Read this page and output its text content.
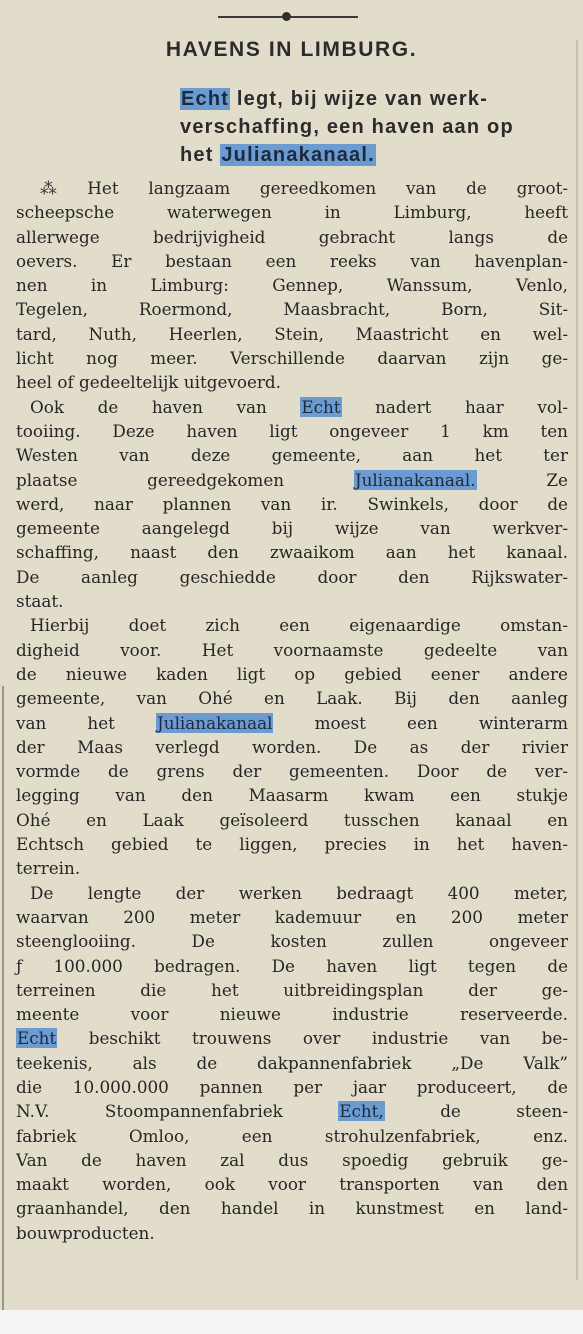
HAVENS IN LIMBURG.
Echt legt, bij wijze van werk-
verschaffing, een haven aan op
het Julianakanaal.
⁂ Het langzaam gereedkomen van de groot-
scheepsche waterwegen in Limburg, heeft
allerwege bedrijvigheid gebracht langs de
oevers. Er bestaan een reeks van havenplan-
nen in Limburg: Gennep, Wanssum, Venlo,
Tegelen, Roermond, Maasbracht, Born, Sit-
tard, Nuth, Heerlen, Stein, Maastricht en wel-
licht nog meer. Verschillende daarvan zijn ge-
heel of gedeeltelijk uitgevoerd.
Ook de haven van Echt nadert haar vol-
tooiing. Deze haven ligt ongeveer 1 km ten
Westen van deze gemeente, aan het ter
plaatse gereedgekomen Julianakanaal. Ze
werd, naar plannen van ir. Swinkels, door de
gemeente aangelegd bij wijze van werkver-
schaffing, naast den zwaaikom aan het kanaal.
De aanleg geschiedde door den Rijkswater-
staat.
Hierbij doet zich een eigenaardige omstan-
digheid voor. Het voornaamste gedeelte van
de nieuwe kaden ligt op gebied eener andere
gemeente, van Ohé en Laak. Bij den aanleg
van het Julianakanaal moest een winterarm
der Maas verlegd worden. De as der rivier
vormde de grens der gemeenten. Door de ver-
legging van den Maasarm kwam een stukje
Ohé en Laak geïsoleerd tusschen kanaal en
Echtsch gebied te liggen, precies in het haven-
terrein.
De lengte der werken bedraagt 400 meter,
waarvan 200 meter kademuur en 200 meter
steenglooiing. De kosten zullen ongeveer
ƒ 100.000 bedragen. De haven ligt tegen de
terreinen die het uitbreidingsplan der ge-
meente voor nieuwe industrie reserveerde.
Echt beschikt trouwens over industrie van be-
teekenis, als de dakpannenfabriek „De Valk”
die 10.000.000 pannen per jaar produceert, de
N.V. Stoompannenfabriek Echt, de steen-
fabriek Omloo, een strohulzenfabriek, enz.
Van de haven zal dus spoedig gebruik ge-
maakt worden, ook voor transporten van den
graanhandel, den handel in kunstmest en land-
bouwproducten.
